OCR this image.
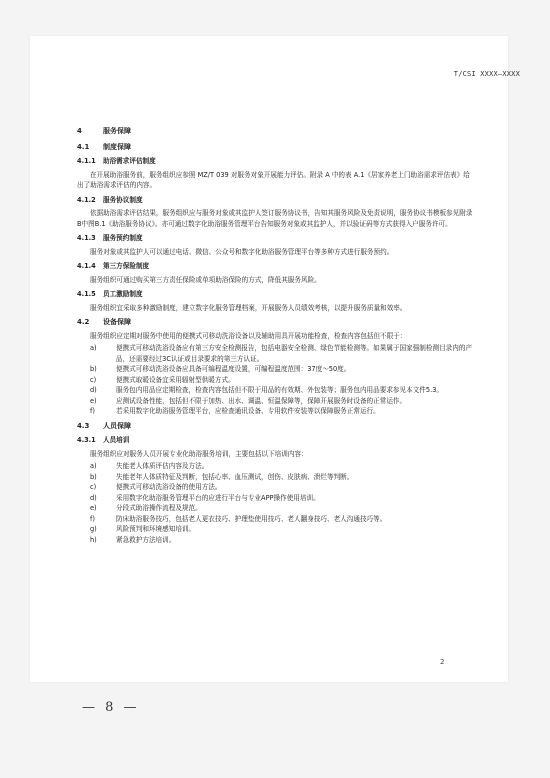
T/CSI XXXX—XXXX
4	服务保障
4.1 制度保障
4.1.1 助浴需求评估制度
在开展助浴服务前，服务组织应参照 MZ/T 039 对服务对象开展能力评估。附录 A 中的表 A.1《居家养老上门助浴需求评估表》给出了助浴需求评估的内容。
4.1.2 服务协议制度
依据助浴需求评估结果，服务组织应与服务对象或其监护人签订服务协议书，告知其服务风险及免责说明，服务协议书模板参见附录B中图B.1《助浴服务协议》。亦可通过数字化助浴服务管理平台告知服务对象或其监护人，并以验证码等方式获得入户服务许可。
4.1.3 服务预约制度
服务对象或其监护人可以通过电话、微信、公众号和数字化助浴服务管理平台等多种方式进行服务预约。
4.1.4 第三方保险制度
服务组织可通过购买第三方责任保险或单项助浴保险的方式，降低其服务风险。
4.1.5 员工激励制度
服务组织宜采取多种激励制度，建立数字化服务管理档案，开展服务人员绩效考核，以提升服务质量和效率。
4.2 设备保障
服务组织应定期对服务中使用的便携式可移动洗浴设备以及辅助用具开展功能检查，检查内容包括但不限于：
a)	便携式可移动洗浴设备应有第三方安全检测报告，包括电器安全检测、绿色节能检测等。如果属于国家强制检测目录内的产品，还需要经过3C认证或目录要求的第三方认证。
b)	便携式可移动洗浴设备应具备可编程温度设置，可编程温度范围：37度～50度。
c)	便携式取暖设备宜采用辐射型供暖方式。
d)	服务包内用品应定期检查，检查内容包括但不限于用品的有效期、外包装等；服务包内用品要求参见本文件5.3。
e)	应测试设备性能，包括但不限于加热、出水、调温、恒温保障等，保障开展服务时设备的正常运作。
f)	若采用数字化助浴服务管理平台，应检查通讯设备、专用软件安装等以保障服务正常运行。
4.3 人员保障
4.3.1 人员培训
服务组织应对服务人员开展专业化助浴服务培训，主要包括以下培训内容：
a)	失能老人体质评估内容及方法。
b)	失能老年人体质特征及判断，包括心率、血压测试，创伤、皮肤病、溃烂等判断。
c)	便携式可移动洗浴设备的使用方法。
d)	采用数字化助浴服务管理平台的应进行平台与专业APP操作使用培训。
e)	分段式助浴操作流程及规范。
f)	防床助浴服务技巧，包括老人更衣技巧、护理垫使用技巧、老人翻身技巧、老人沟通技巧等。
g)	风险预判和环境感知培训。
h)	紧急救护方法培训。
2
— 8 —
